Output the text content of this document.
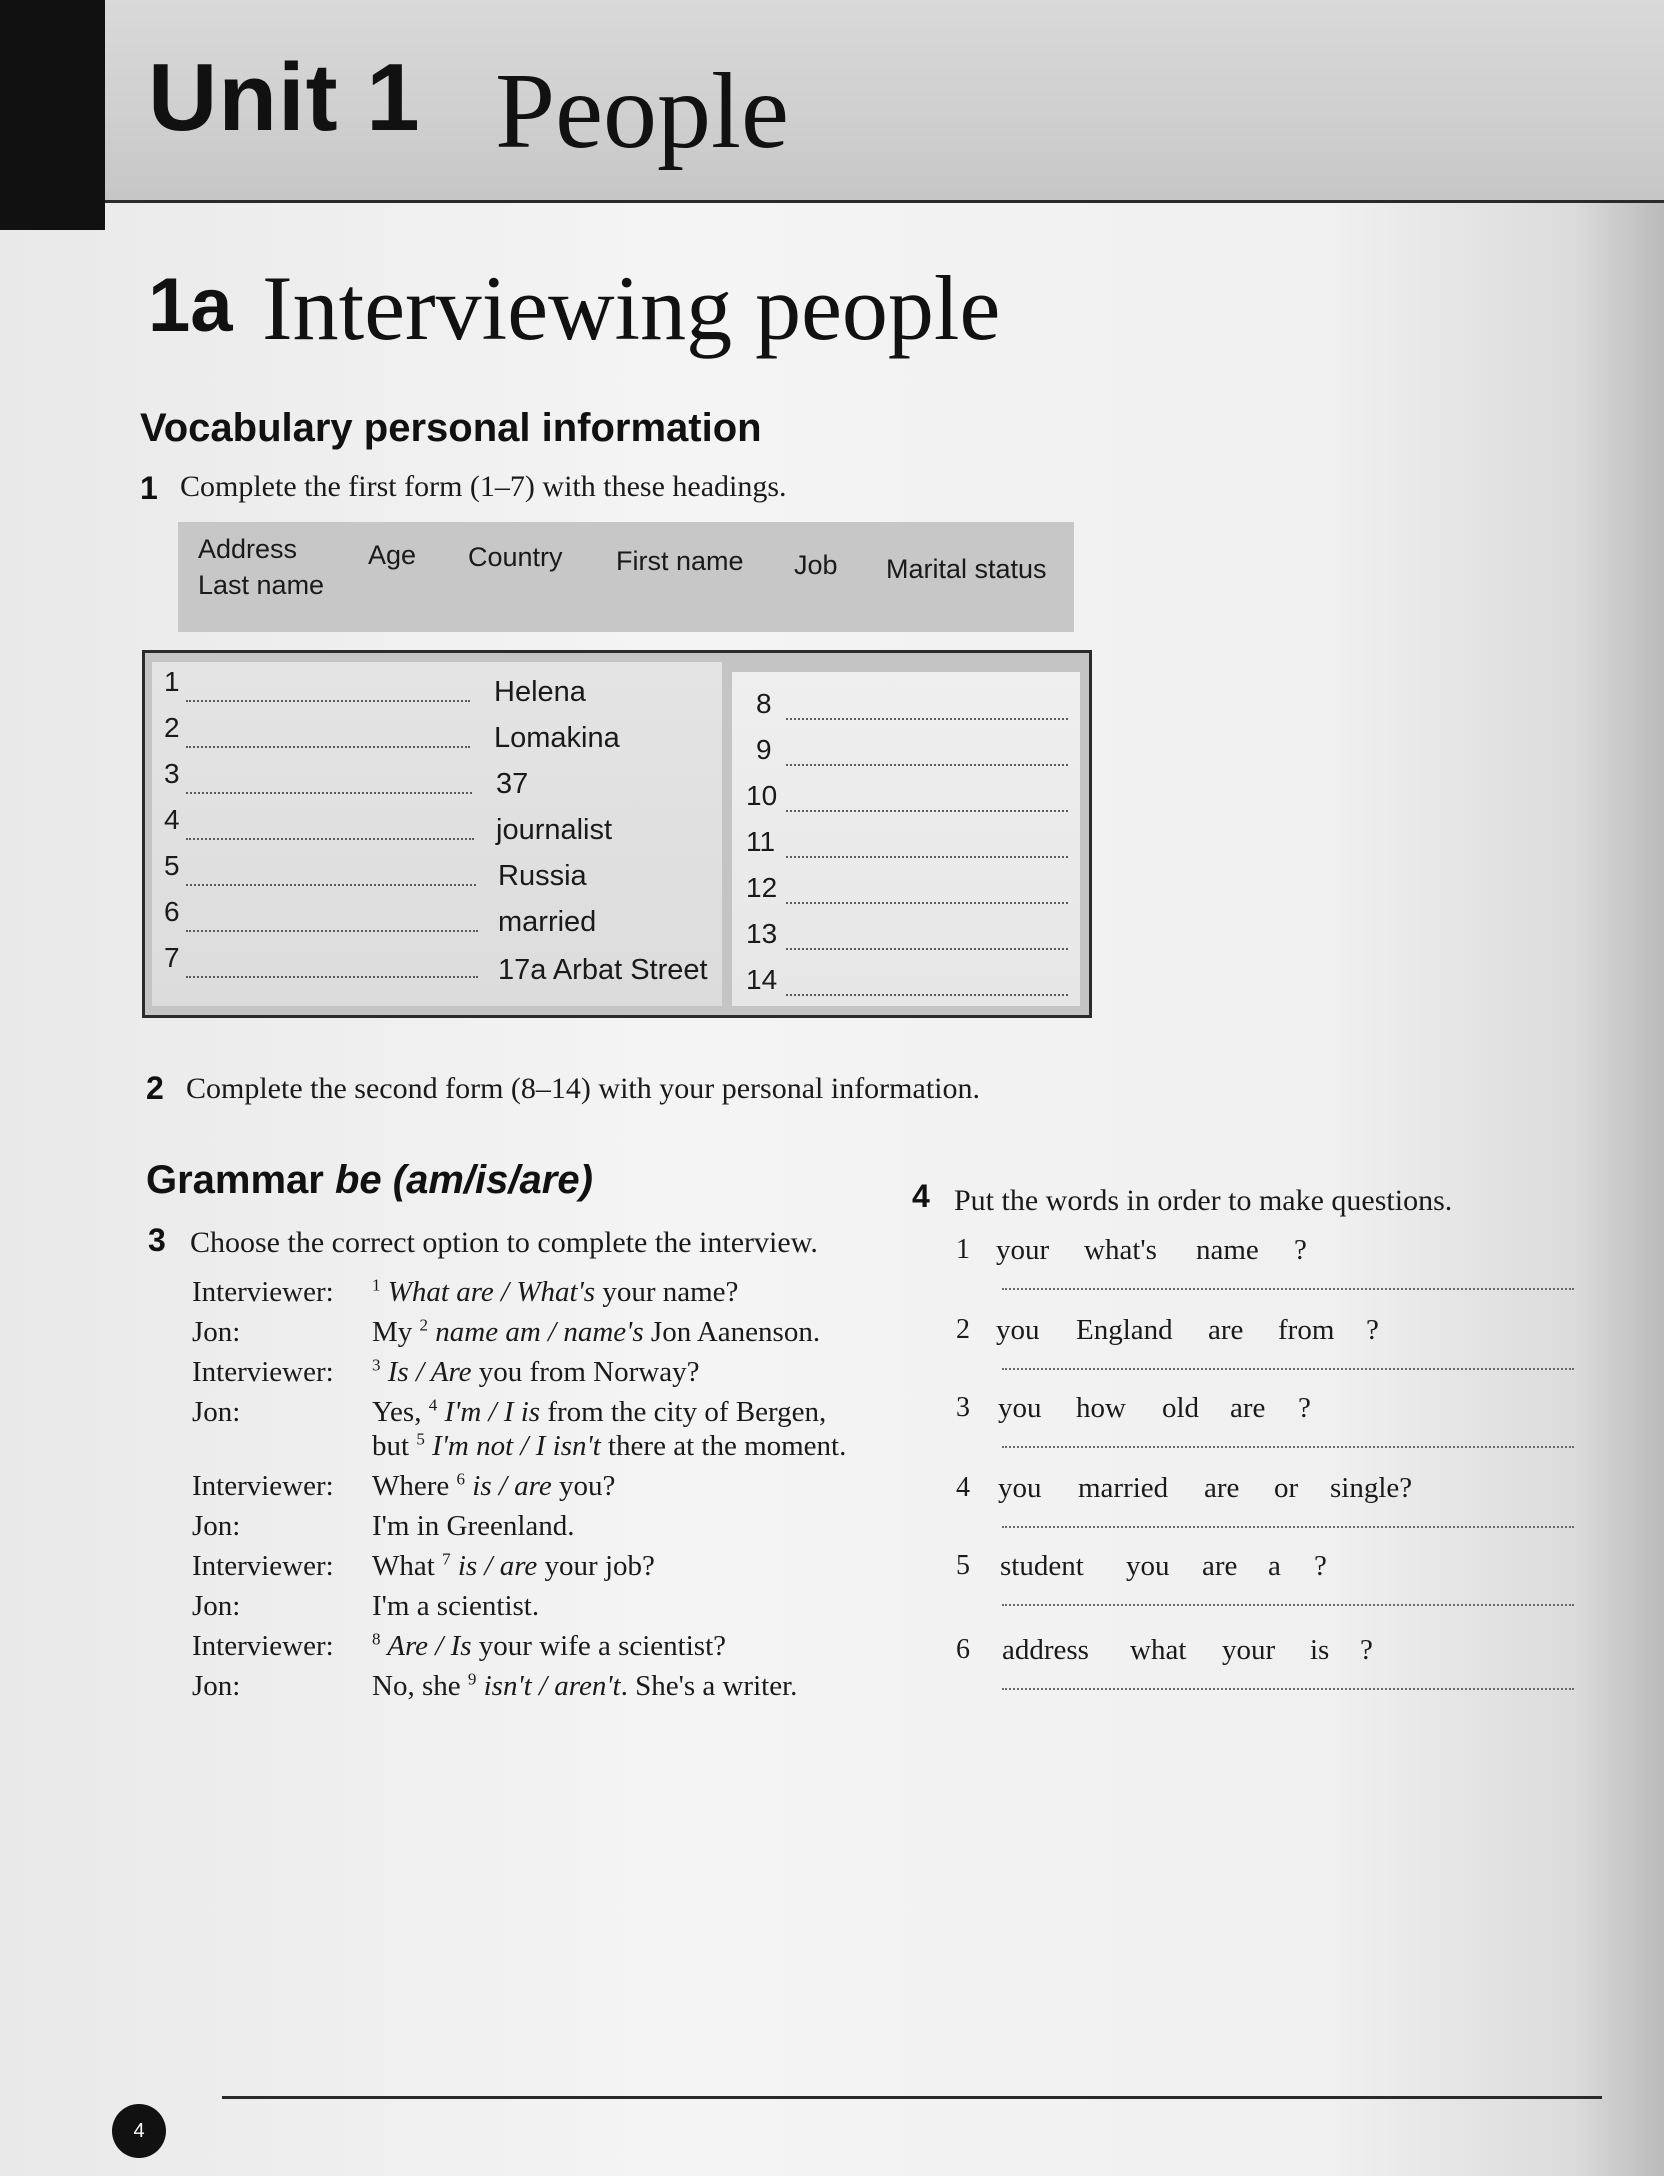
Unit 1 People
1a Interviewing people
Vocabulary personal information
1 Complete the first form (1–7) with these headings.
Address	Age Country First name Job Marital status
Last name
1	Helena
2	Lomakina
3	37
4	journalist
5	Russia
6	married
7	17a Arbat Street
8
9
10
11
12
13
14
2 Complete the second form (8–14) with your personal information.
Grammar be (am/is/are)
3 Choose the correct option to complete the interview.
Interviewer: $^1$ What are / What's your name?
Jon:	My $^2$ name am / name's Jon Aanenson.
Interviewer: $^3$ Is / Are you from Norway?
Jon:	Yes, $^4$ I'm / I is from the city of Bergen,
but $^5$ I'm not / I isn't there at the moment.
Interviewer: Where $^6$ is / are you?
Jon:	I'm in Greenland.
Interviewer: What $^7$ is / are your job?
Jon:	I'm a scientist.
Interviewer: $^8$ Are / Is your wife a scientist?
Jon:	No, she $^9$ isn't / aren't. She's a writer.
4 Put the words in order to make questions.
1 your what's name ?
2 you England are from ?
3 you how old are ?
4 you married are or single?
5 student you are a ?
6 address what your is ?
4
